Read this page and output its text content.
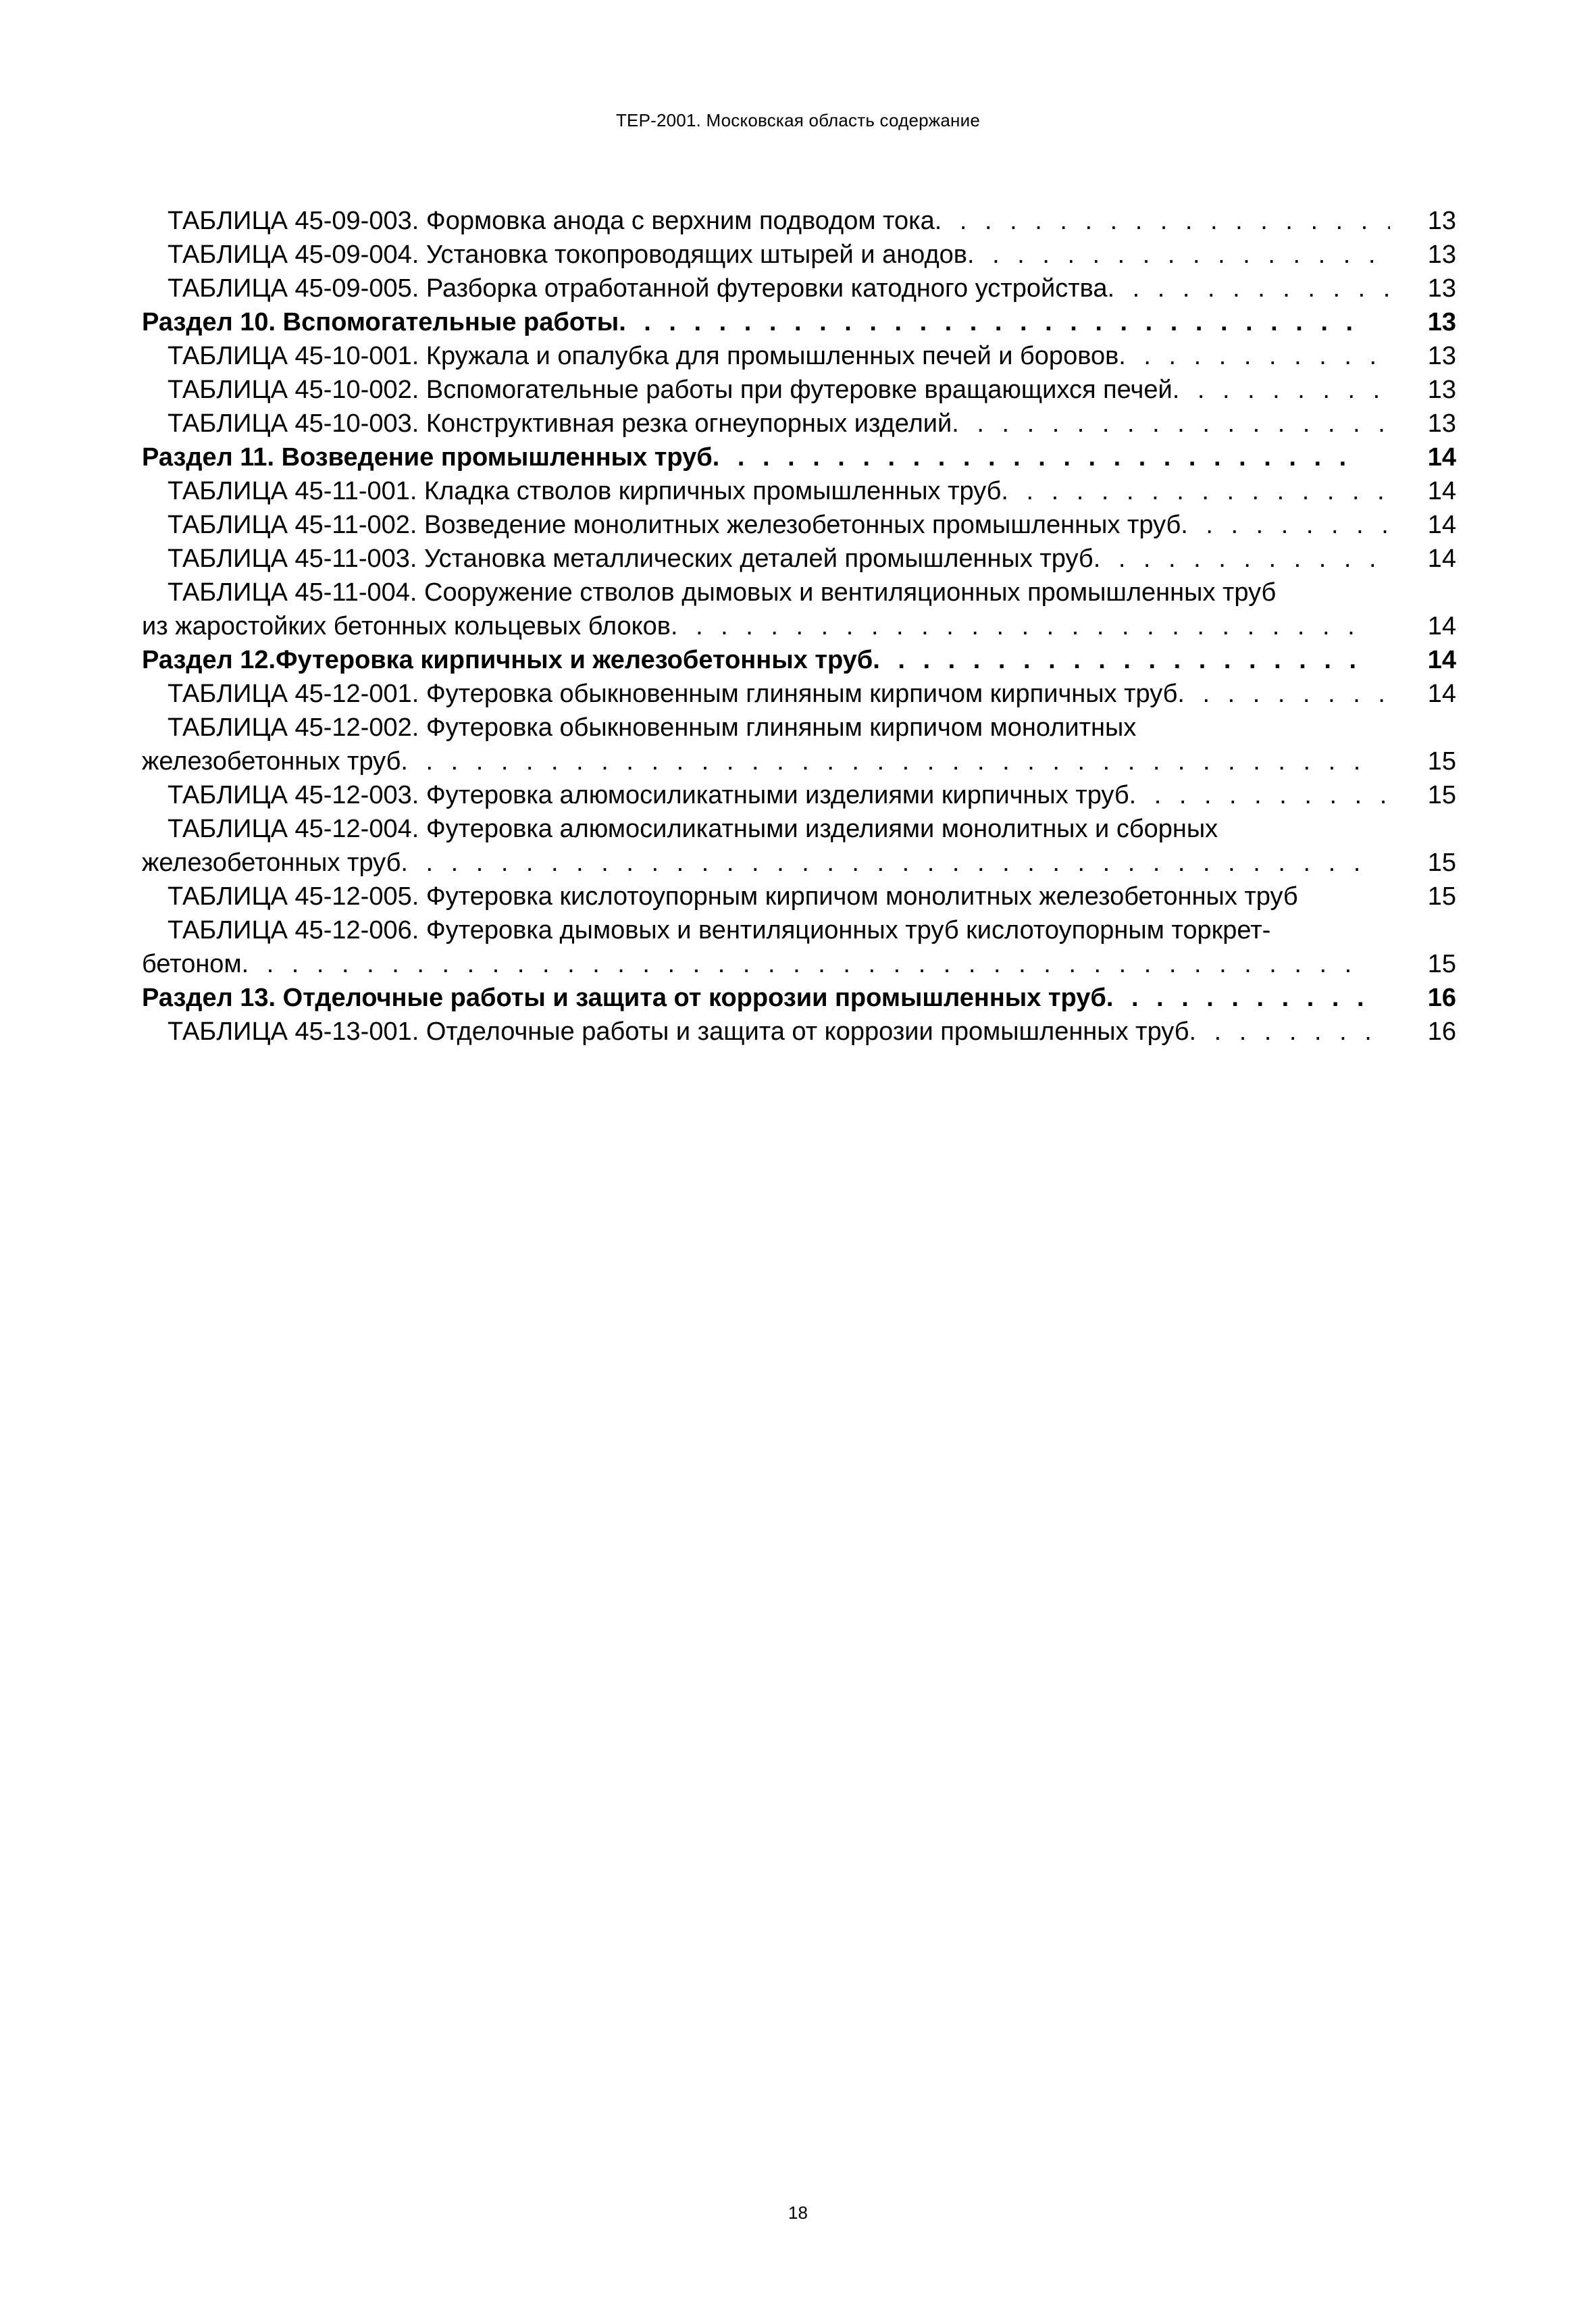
ТЕР-2001. Московская область содержание
ТАБЛИЦА 45-09-003. Формовка анода с верхним подводом тока . . .	13
ТАБЛИЦА 45-09-004. Установка токопроводящих штырей и анодов . . .	13
ТАБЛИЦА 45-09-005. Разборка отработанной футеровки катодного устройства . . .	13
Раздел 10. Вспомогательные работы . . .	13
ТАБЛИЦА 45-10-001. Кружала и опалубка для промышленных печей и боровов . . .	13
ТАБЛИЦА 45-10-002. Вспомогательные работы при футеровке вращающихся печей . . .	13
ТАБЛИЦА 45-10-003. Конструктивная резка огнеупорных изделий . . .	13
Раздел 11. Возведение промышленных труб . . .	14
ТАБЛИЦА 45-11-001. Кладка стволов кирпичных промышленных труб . . .	14
ТАБЛИЦА 45-11-002. Возведение монолитных железобетонных промышленных труб . . .	14
ТАБЛИЦА 45-11-003. Установка металлических деталей промышленных труб . . .	14
ТАБЛИЦА 45-11-004. Сооружение стволов дымовых и вентиляционных промышленных труб
из жаростойких бетонных кольцевых блоков . . .	14
Раздел 12.Футеровка кирпичных и железобетонных труб . . .	14
ТАБЛИЦА 45-12-001. Футеровка обыкновенным глиняным кирпичом кирпичных труб . . .	14
ТАБЛИЦА 45-12-002. Футеровка обыкновенным глиняным кирпичом монолитных
железобетонных труб . . .	15
ТАБЛИЦА 45-12-003. Футеровка алюмосиликатными изделиями кирпичных труб . . .	15
ТАБЛИЦА 45-12-004. Футеровка алюмосиликатными изделиями монолитных и сборных
железобетонных труб . . .	15
ТАБЛИЦА 45-12-005. Футеровка кислотоупорным кирпичом монолитных железобетонных труб	15
ТАБЛИЦА 45-12-006. Футеровка дымовых и вентиляционных труб кислотоупорным торкрет-
бетоном . . .	15
Раздел 13. Отделочные работы и защита от коррозии промышленных труб . . .	16
ТАБЛИЦА 45-13-001. Отделочные работы и защита от коррозии промышленных труб . . .	16
18
